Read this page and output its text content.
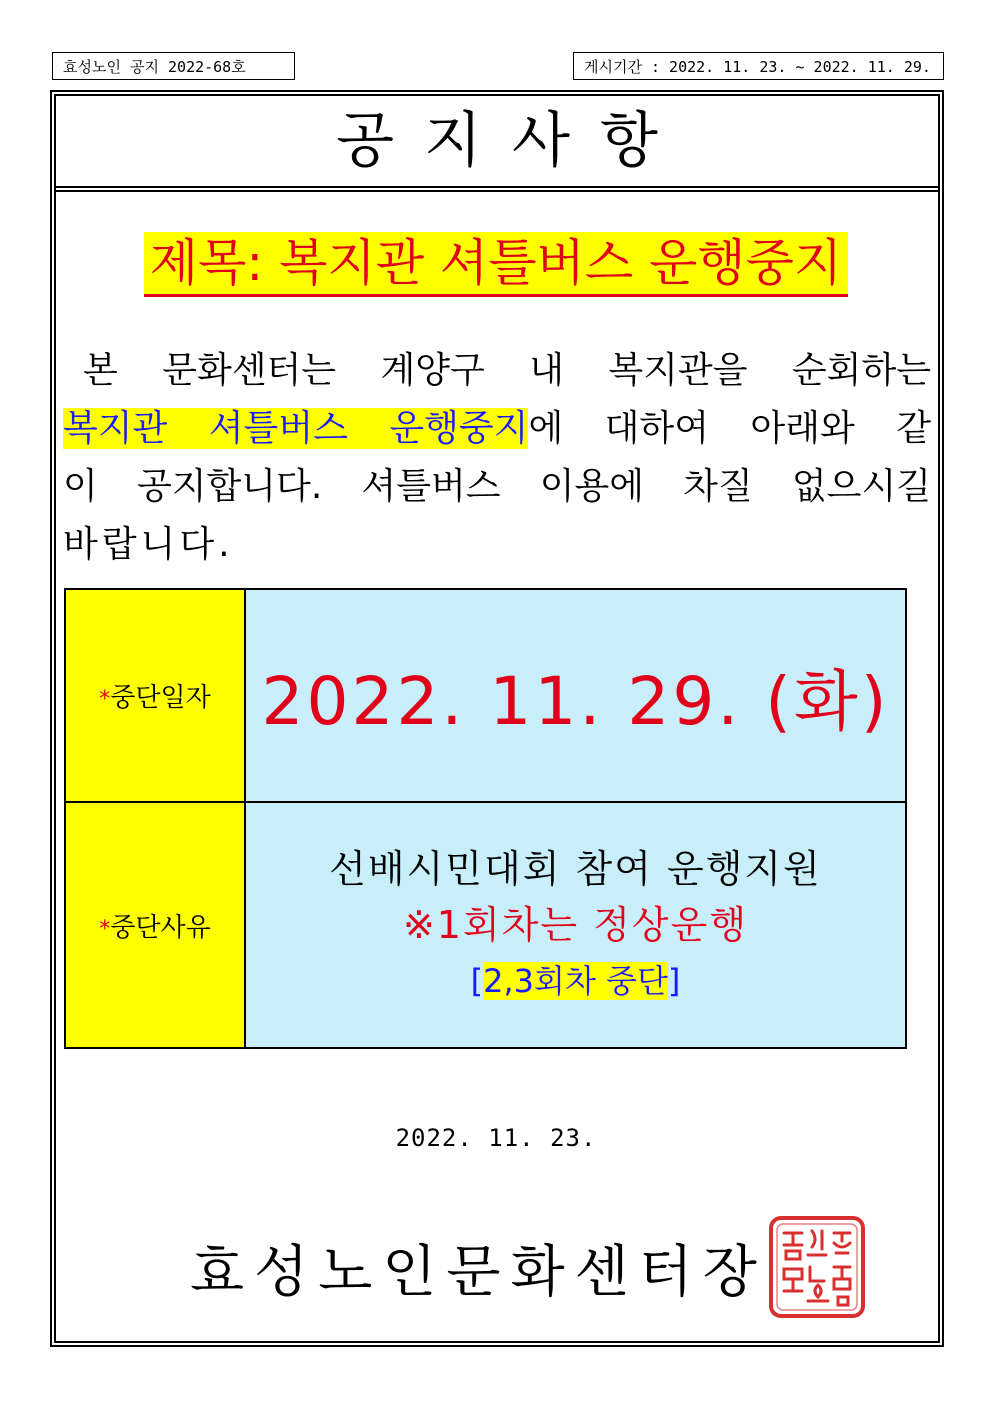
효성노인 공지 2022-68호	게시기간 : 2022. 11. 23. ~ 2022. 11. 29.
공지사항
제목: 복지관 셔틀버스 운행중지
본 문화센터는 계양구 내 복지관을 순회하는
복지관 셔틀버스 운행중지에 대하여 아래와 같
이 공지합니다. 셔틀버스 이용에 차질 없으시길
바랍니다.
*중단일자	2022. 11. 29. (화)
*중단사유	선배시민대회 참여 운행지원
※1회차는 정상운행
[2,3회차 중단]
2022. 11. 23.
효성노인문화센터장
